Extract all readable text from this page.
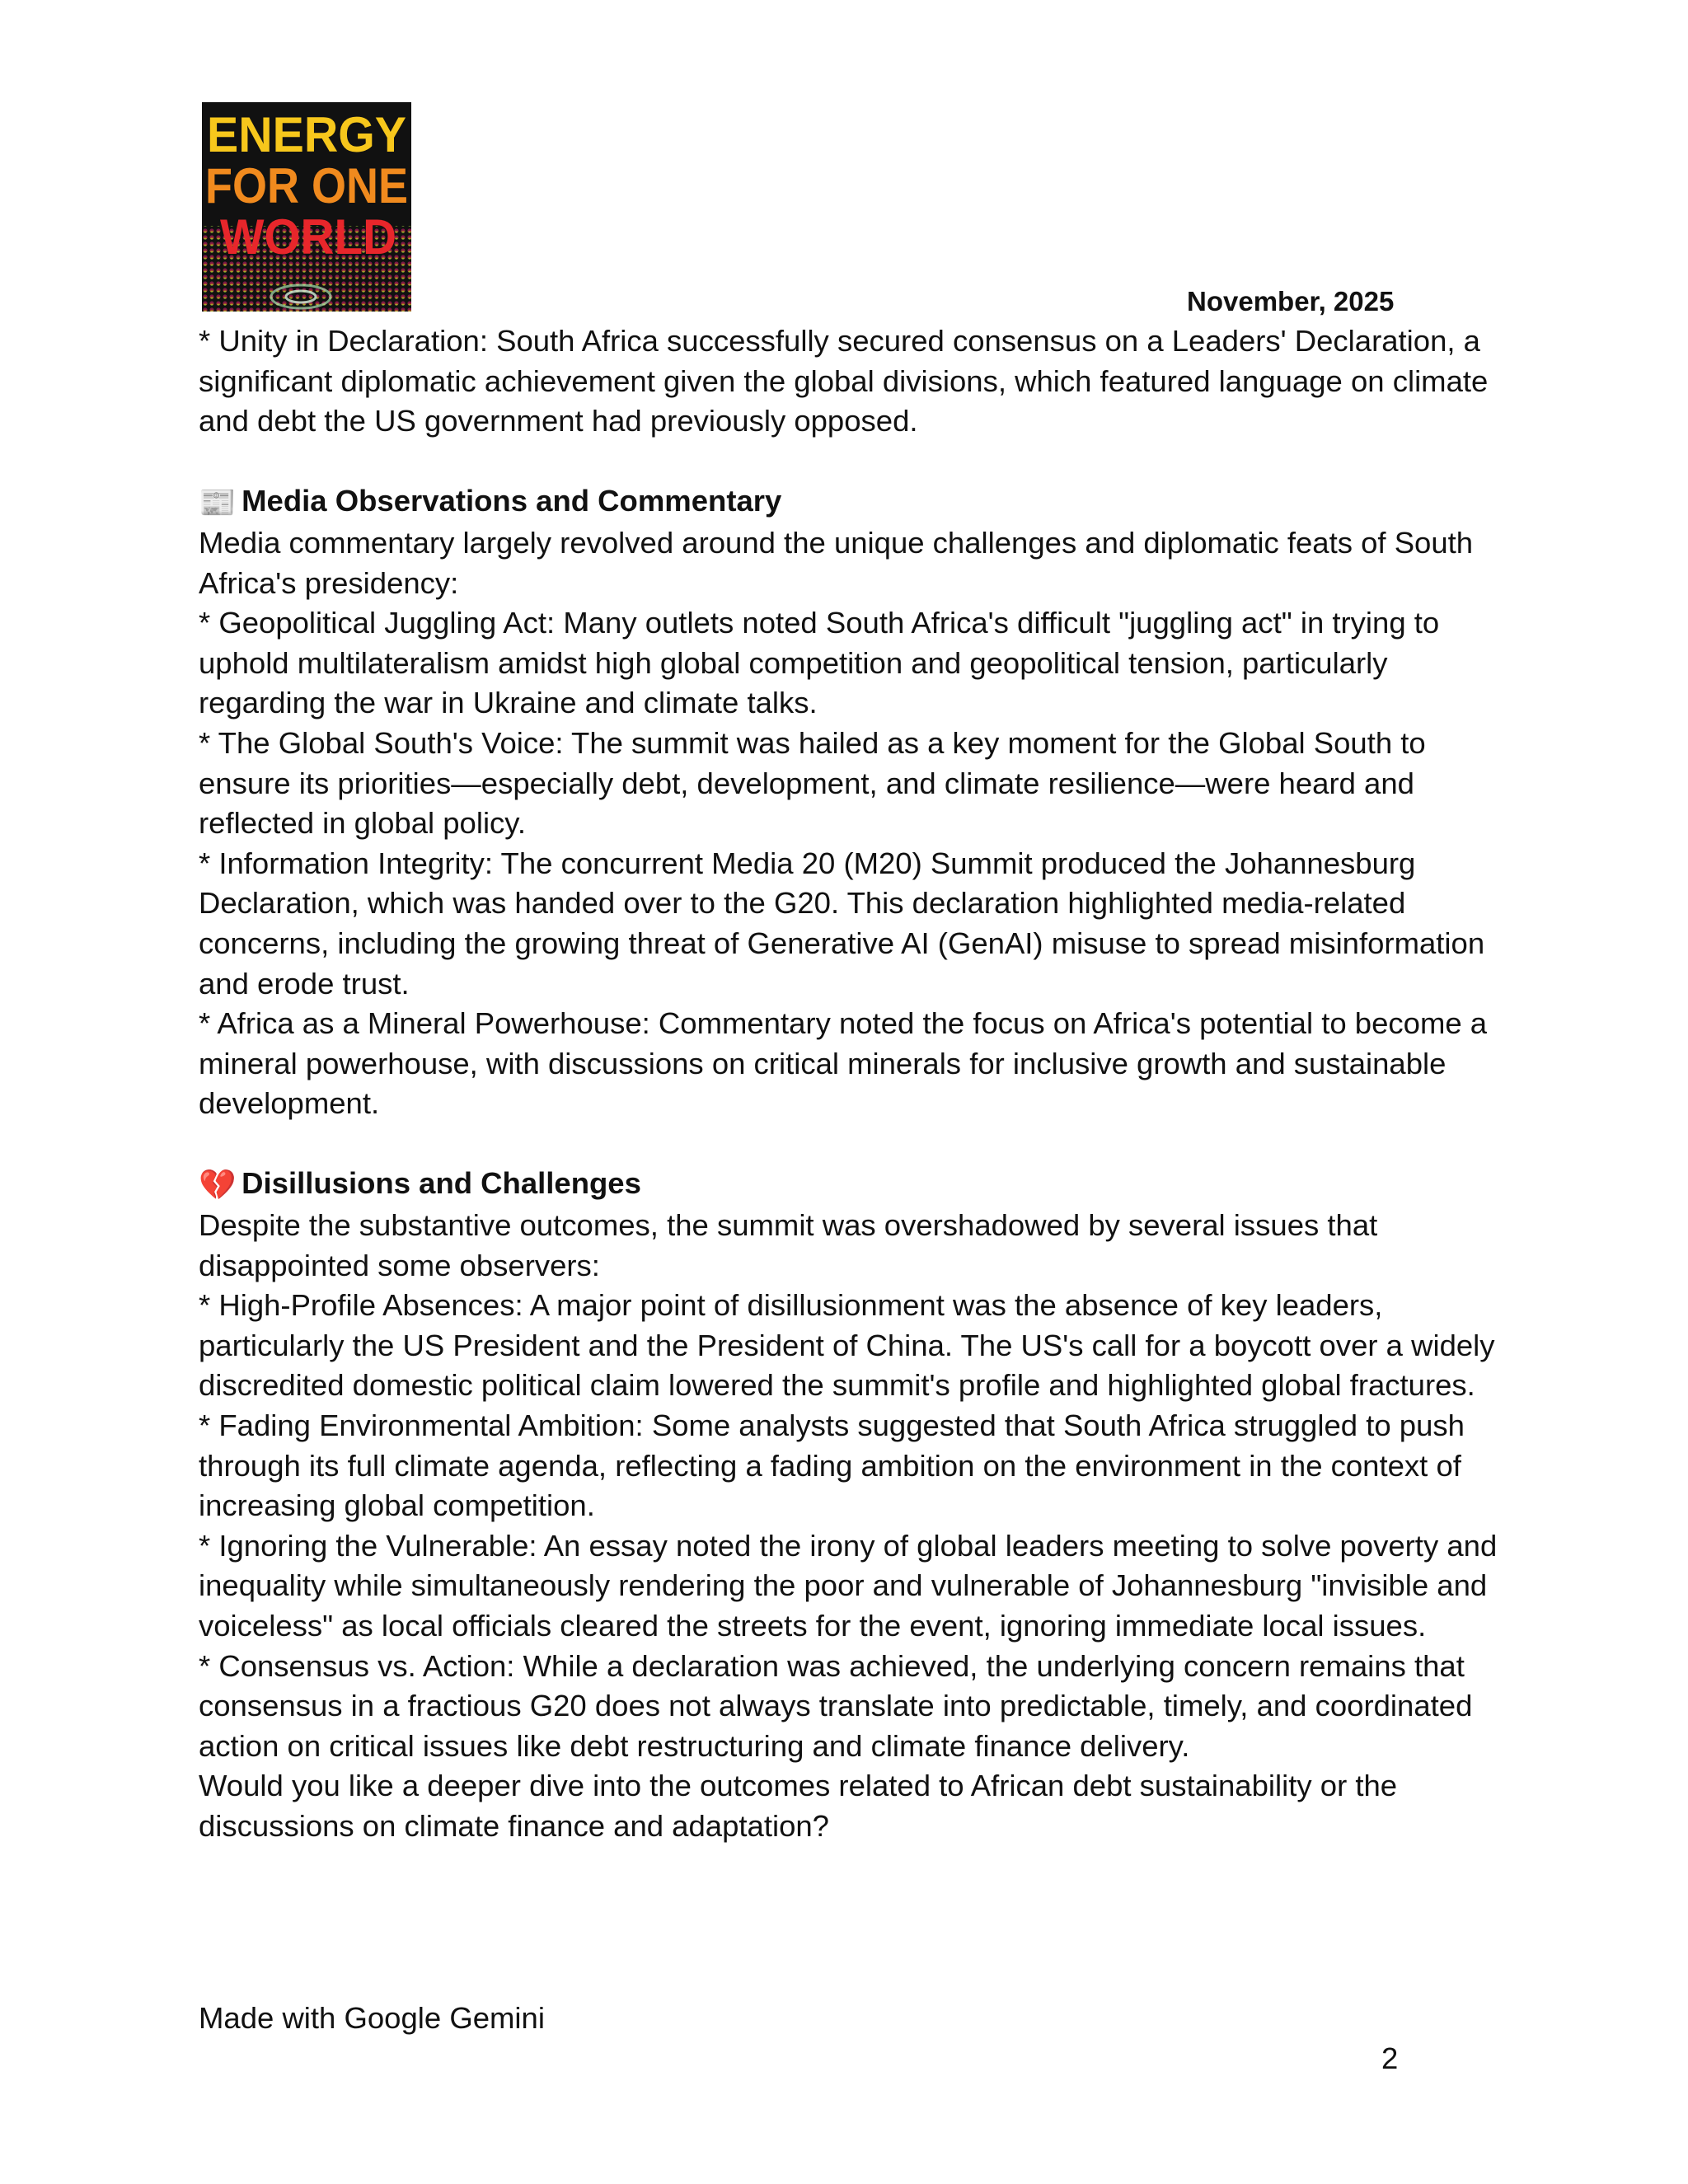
ENERGY
FOR ONE
WORLD
November, 2025

* Unity in Declaration: South Africa successfully secured consensus on a Leaders' Declaration, a significant diplomatic achievement given the global divisions, which featured language on climate and debt the US government had previously opposed.

📰 Media Observations and Commentary

Media commentary largely revolved around the unique challenges and diplomatic feats of South Africa's presidency:

* Geopolitical Juggling Act: Many outlets noted South Africa's difficult "juggling act" in trying to uphold multilateralism amidst high global competition and geopolitical tension, particularly regarding the war in Ukraine and climate talks.

* The Global South's Voice: The summit was hailed as a key moment for the Global South to ensure its priorities—especially debt, development, and climate resilience—were heard and reflected in global policy.

* Information Integrity: The concurrent Media 20 (M20) Summit produced the Johannesburg Declaration, which was handed over to the G20. This declaration highlighted media-related concerns, including the growing threat of Generative AI (GenAI) misuse to spread misinformation and erode trust.

* Africa as a Mineral Powerhouse: Commentary noted the focus on Africa's potential to become a mineral powerhouse, with discussions on critical minerals for inclusive growth and sustainable development.

💔 Disillusions and Challenges

Despite the substantive outcomes, the summit was overshadowed by several issues that disappointed some observers:

* High-Profile Absences: A major point of disillusionment was the absence of key leaders, particularly the US President and the President of China. The US's call for a boycott over a widely discredited domestic political claim lowered the summit's profile and highlighted global fractures.

* Fading Environmental Ambition: Some analysts suggested that South Africa struggled to push through its full climate agenda, reflecting a fading ambition on the environment in the context of increasing global competition.

* Ignoring the Vulnerable: An essay noted the irony of global leaders meeting to solve poverty and inequality while simultaneously rendering the poor and vulnerable of Johannesburg "invisible and voiceless" as local officials cleared the streets for the event, ignoring immediate local issues.

* Consensus vs. Action: While a declaration was achieved, the underlying concern remains that consensus in a fractious G20 does not always translate into predictable, timely, and coordinated action on critical issues like debt restructuring and climate finance delivery.

Would you like a deeper dive into the outcomes related to African debt sustainability or the discussions on climate finance and adaptation?

Made with Google Gemini
2
